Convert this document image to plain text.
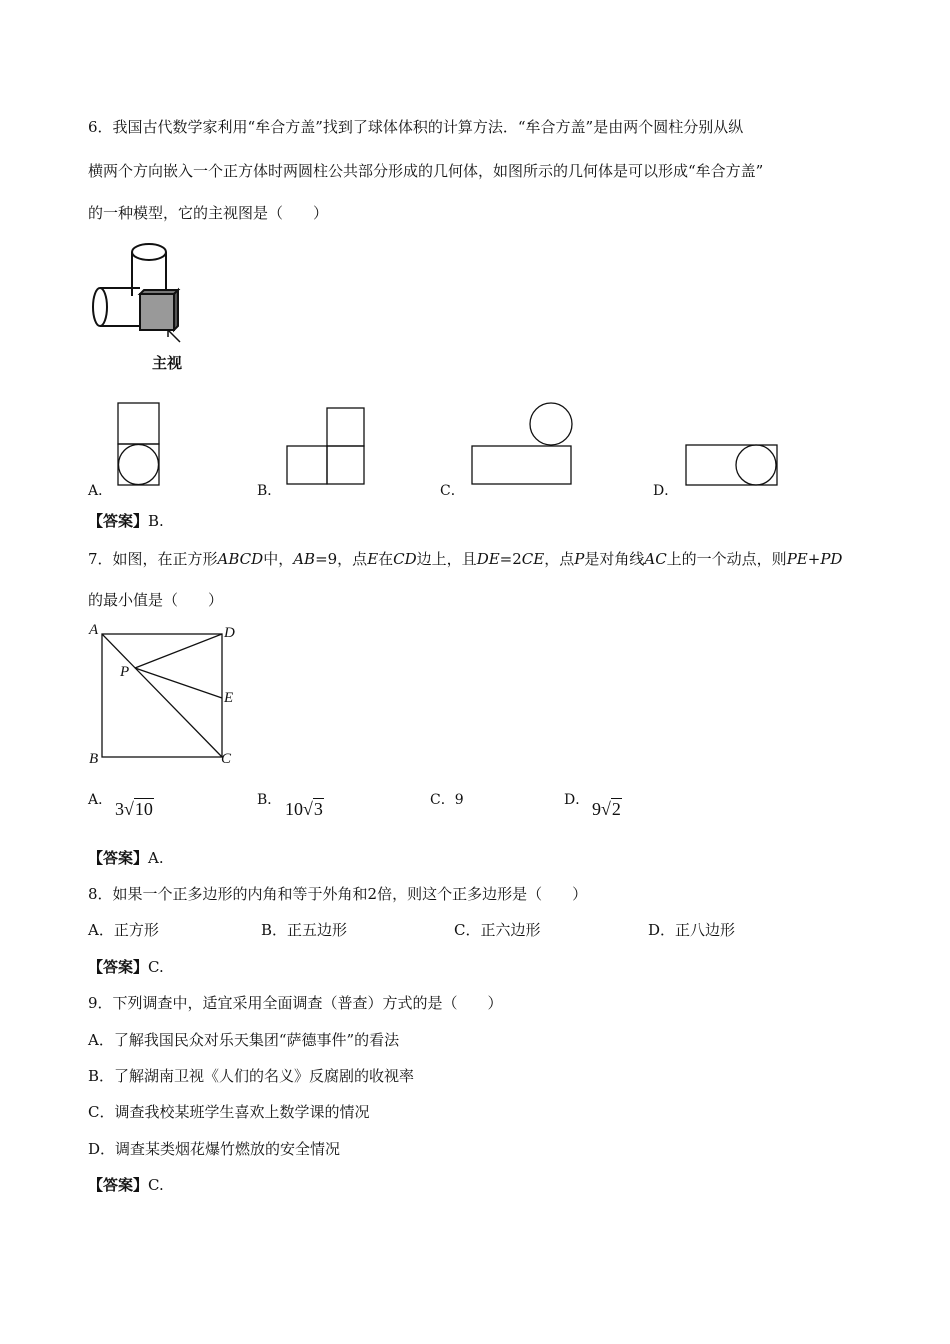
6．我国古代数学家利用“牟合方盖”找到了球体体积的计算方法．“牟合方盖”是由两个圆柱分别从纵
横两个方向嵌入一个正方体时两圆柱公共部分形成的几何体，如图所示的几何体是可以形成“牟合方盖”
的一种模型，它的主视图是（　　）
主视
A．	B．	C．	D．
【答案】B.
7．如图，在正方形ABCD中，AB=9，点E在CD边上，且DE=2CE，点P是对角线AC上的一个动点，则PE+PD
的最小值是（　　）
A	D
P
E
B	C
A． 3√10	B． 10√3	C．9	D． 9√2
【答案】A.
8．如果一个正多边形的内角和等于外角和2倍，则这个正多边形是（　　）
A．正方形	B．正五边形	C．正六边形	D．正八边形
【答案】C.
9．下列调查中，适宜采用全面调查（普查）方式的是（　　）
A．了解我国民众对乐天集团“萨德事件”的看法
B．了解湖南卫视《人们的名义》反腐剧的收视率
C．调查我校某班学生喜欢上数学课的情况
D．调查某类烟花爆竹燃放的安全情况
【答案】C.
